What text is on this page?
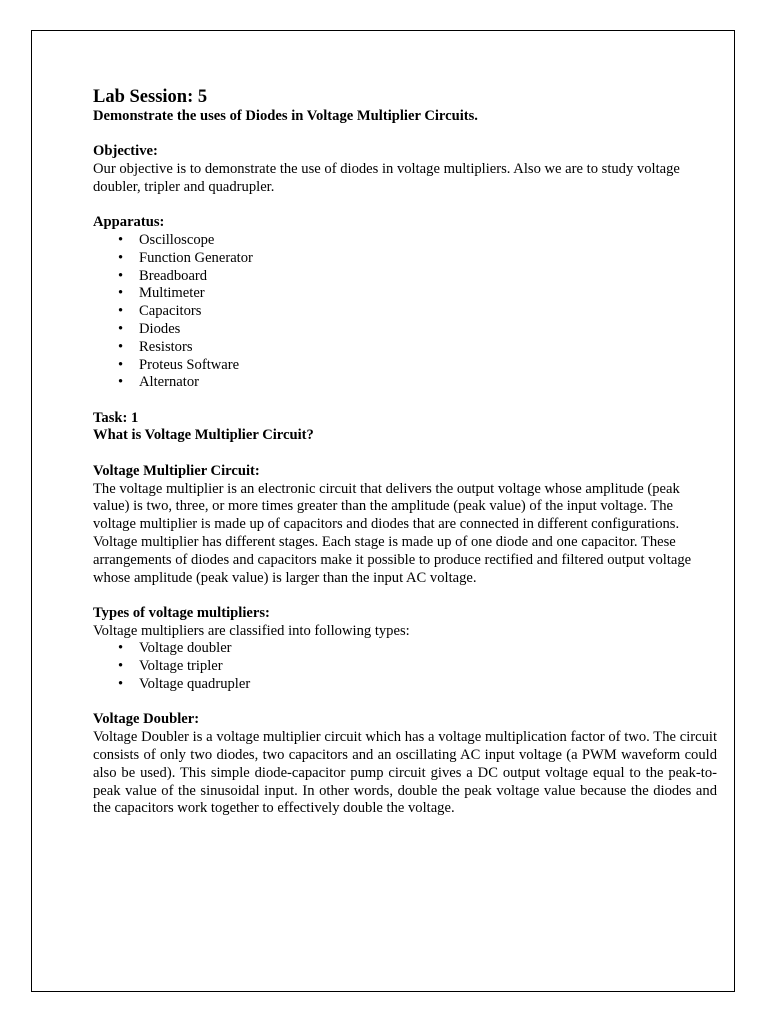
Lab Session: 5

Demonstrate the uses of Diodes in Voltage Multiplier Circuits.

Objective:

Our objective is to demonstrate the use of diodes in voltage multipliers. Also we are to study voltage doubler, tripler and quadrupler.

Apparatus:

• Oscilloscope
• Function Generator
• Breadboard
• Multimeter
• Capacitors
• Diodes
• Resistors
• Proteus Software
• Alternator

Task: 1

What is Voltage Multiplier Circuit?

Voltage Multiplier Circuit:

The voltage multiplier is an electronic circuit that delivers the output voltage whose amplitude (peak value) is two, three, or more times greater than the amplitude (peak value) of the input voltage. The voltage multiplier is made up of capacitors and diodes that are connected in different configurations. Voltage multiplier has different stages. Each stage is made up of one diode and one capacitor. These arrangements of diodes and capacitors make it possible to produce rectified and filtered output voltage whose amplitude (peak value) is larger than the input AC voltage.

Types of voltage multipliers:

Voltage multipliers are classified into following types:

• Voltage doubler
• Voltage tripler
• Voltage quadrupler

Voltage Doubler:

Voltage Doubler is a voltage multiplier circuit which has a voltage multiplication factor of two. The circuit consists of only two diodes, two capacitors and an oscillating AC input voltage (a PWM waveform could also be used). This simple diode-capacitor pump circuit gives a DC output voltage equal to the peak-to-peak value of the sinusoidal input. In other words, double the peak voltage value because the diodes and the capacitors work together to effectively double the voltage.
